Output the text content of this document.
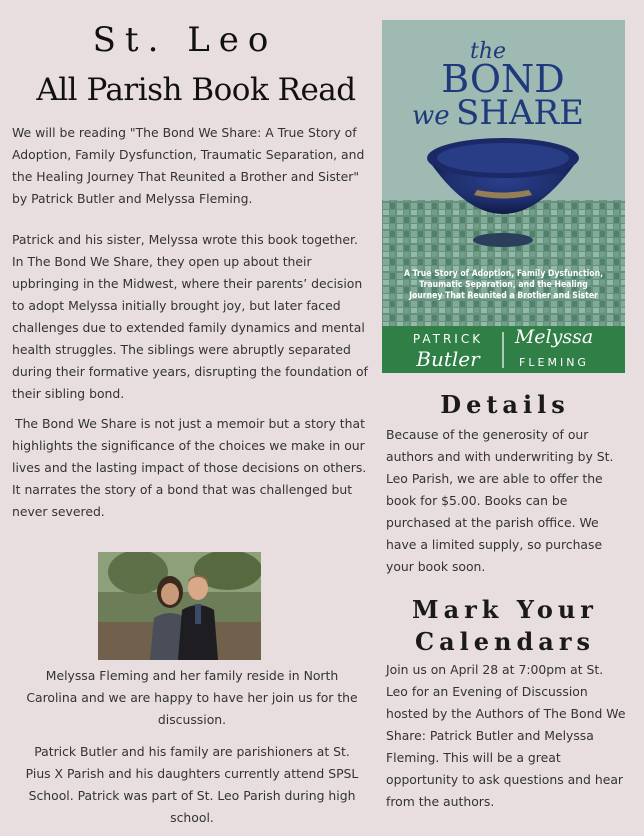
St. Leo
All Parish Book Read
We will be reading "The Bond We Share: A True Story of Adoption, Family Dysfunction, Traumatic Separation, and the Healing Journey That Reunited a Brother and Sister" by Patrick Butler and Melyssa Fleming.
Patrick and his sister, Melyssa wrote this book together. In The Bond We Share, they open up about their upbringing in the Midwest, where their parents’ decision to adopt Melyssa initially brought joy, but later faced challenges due to extended family dynamics and mental health struggles. The siblings were abruptly separated during their formative years, disrupting the foundation of their sibling bond.
The Bond We Share is not just a memoir but a story that highlights the significance of the choices we make in our lives and the lasting impact of those decisions on others. It narrates the story of a bond that was challenged but never severed.
Melyssa Fleming and her family reside in North Carolina and we are happy to have her join us for the discussion.
Patrick Butler and his family are parishioners at St. Pius X Parish and his daughters currently attend SPSL School. Patrick was part of St. Leo Parish during high school.
the
BOND
we SHARE
A True Story of Adoption, Family Dysfunction, Traumatic Separation, and the Healing Journey That Reunited a Brother and Sister
PATRICK
Butler
Melyssa
FLEMING
Details
Because of the generosity of our authors and with underwriting by St. Leo Parish, we are able to offer the book for $5.00. Books can be purchased at the parish office. We have a limited supply, so purchase your book soon.
Mark Your Calendars
Join us on April 28 at 7:00pm at St. Leo for an Evening of Discussion hosted by the Authors of The Bond We Share: Patrick Butler and Melyssa Fleming. This will be a great opportunity to ask questions and hear from the authors.
